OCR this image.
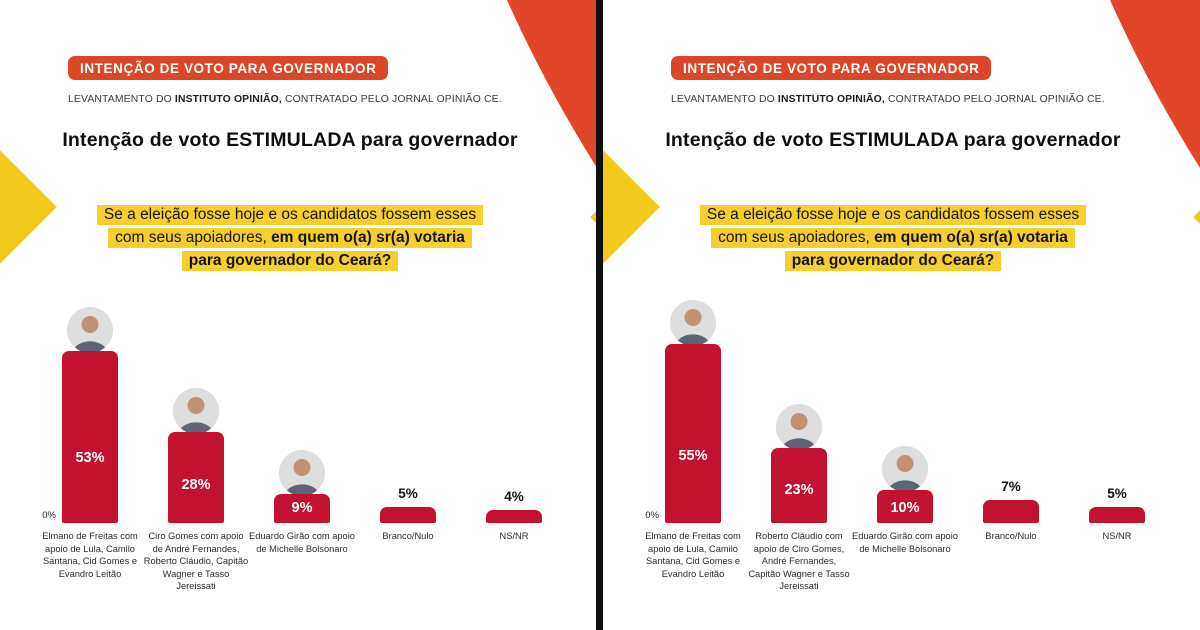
INTENÇÃO DE VOTO PARA GOVERNADOR
LEVANTAMENTO DO INSTITUTO OPINIÃO, CONTRATADO PELO JORNAL OPINIÃO CE.
Intenção de voto ESTIMULADA para governador
Se a eleição fosse hoje e os candidatos fossem esses
com seus apoiadores, em quem o(a) sr(a) votaria
para governador do Ceará?
53%
Elmano de Freitas com apoio de Lula, Camilo Santana, Cid Gomes e Evandro Leitão
28%
Ciro Gomes com apoio de André Fernandes, Roberto Cláudio, Capitão Wagner e Tasso Jereissati
9%
Eduardo Girão com apoio de Michelle Bolsonaro
5%
Branco/Nulo
4%
NS/NR
0%
INTENÇÃO DE VOTO PARA GOVERNADOR
LEVANTAMENTO DO INSTITUTO OPINIÃO, CONTRATADO PELO JORNAL OPINIÃO CE.
Intenção de voto ESTIMULADA para governador
Se a eleição fosse hoje e os candidatos fossem esses
com seus apoiadores, em quem o(a) sr(a) votaria
para governador do Ceará?
55%
Elmano de Freitas com apoio de Lula, Camilo Santana, Cid Gomes e Evandro Leitão
23%
Roberto Cláudio com apoio de Ciro Gomes, André Fernandes, Capitão Wagner e Tasso Jereissati
10%
Eduardo Girão com apoio de Michelle Bolsonaro
7%
Branco/Nulo
5%
NS/NR
0%
